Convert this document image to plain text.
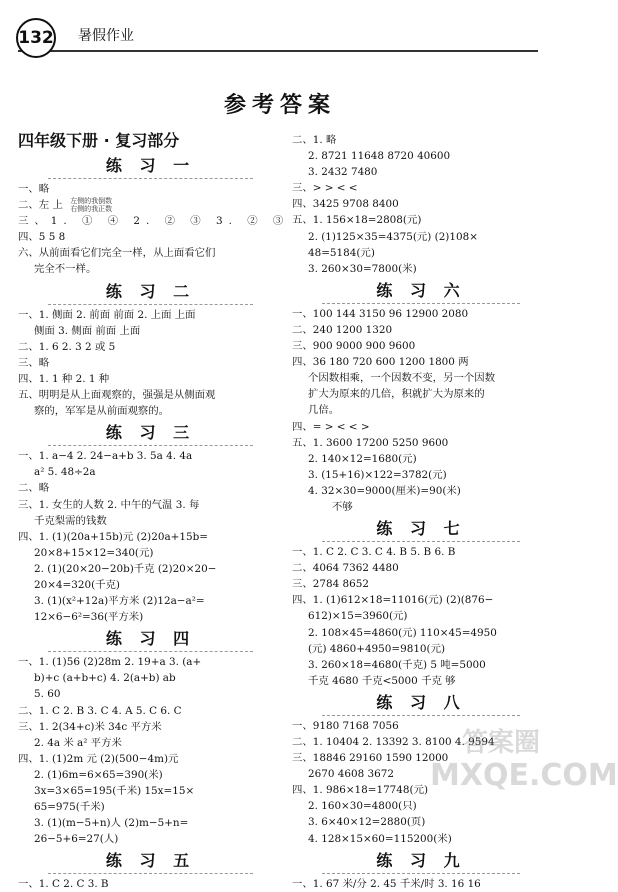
132 暑假作业
参考答案
四年级下册 · 复习部分
练 习 一
一、略
二、左 上 左侧的我倒数
右侧的我正数
三、1. ① ④ 2. ② ③ 3. ② ③
四、5 5 8
六、从前面看它们完全一样，从上面看它们
完全不一样。
练 习 二
一、1. 侧面 2. 前面 前面 2. 上面 上面
侧面 3. 侧面 前面 上面
二、1. 6 2. 3 2 或 5
三、略
四、1. 1 种 2. 1 种
五、明明是从上面观察的，强强是从侧面观
察的，军军是从前面观察的。
练 习 三
一、1. a−4 2. 24−a+b 3. 5a 4. 4a
a² 5. 48÷2a
二、略
三、1. 女生的人数 2. 中午的气温 3. 每
千克梨需的钱数
四、1. (1)(20a+15b)元 (2)20a+15b=
20×8+15×12=340(元)
2. (1)(20×20−20b)千克 (2)20×20−
20×4=320(千克)
3. (1)(x²+12a)平方米 (2)12a−a²=
12×6−6²=36(平方米)
练 习 四
一、1. (1)56 (2)28m 2. 19+a 3. (a+
b)+c (a+b+c) 4. 2(a+b) ab
5. 60
二、1. C 2. B 3. C 4. A 5. C 6. C
三、1. 2(34+c)米 34c 平方米
2. 4a 米 a² 平方米
四、1. (1)2m 元 (2)(500−4m)元
2. (1)6m=6×65=390(米)
3x=3×65=195(千米) 15x=15×
65=975(千米)
3. (1)(m−5+n)人 (2)m−5+n=
26−5+6=27(人)
练 习 五
一、1. C 2. C 3. B
二、1. 略
2. 8721 11648 8720 40600
3. 2432 7480
三、> > < <
四、3425 9708 8400
五、1. 156×18=2808(元)
2. (1)125×35=4375(元) (2)108×
48=5184(元)
3. 260×30=7800(米)
练 习 六
一、100 144 3150 96 12900 2080
二、240 1200 1320
三、900 9000 900 9600
四、36 180 720 600 1200 1800 两
个因数相乘，一个因数不变，另一个因数
扩大为原来的几倍，积就扩大为原来的
几倍。
四、= > < < >
五、1. 3600 17200 5250 9600
2. 140×12=1680(元)
3. (15+16)×122=3782(元)
4. 32×30=9000(厘米)=90(米)
不够
练 习 七
一、1. C 2. C 3. C 4. B 5. B 6. B
二、4064 7362 4480
三、2784 8652
四、1. (1)612×18=11016(元) (2)(876−
612)×15=3960(元)
2. 108×45=4860(元) 110×45=4950
(元) 4860+4950=9810(元)
3. 260×18=4680(千克) 5 吨=5000
千克 4680 千克<5000 千克 够
练 习 八
一、9180 7168 7056
二、1. 10404 2. 13392 3. 8100 4. 9594
三、18846 29160 1590 12000
2670 4608 3672
四、1. 986×18=17748(元)
2. 160×30=4800(只)
3. 6×40×12=2880(页)
4. 128×15×60=115200(米)
练 习 九
一、1. 67 米/分 2. 45 千米/时 3. 16 16
答案圈
MXQE.COM
